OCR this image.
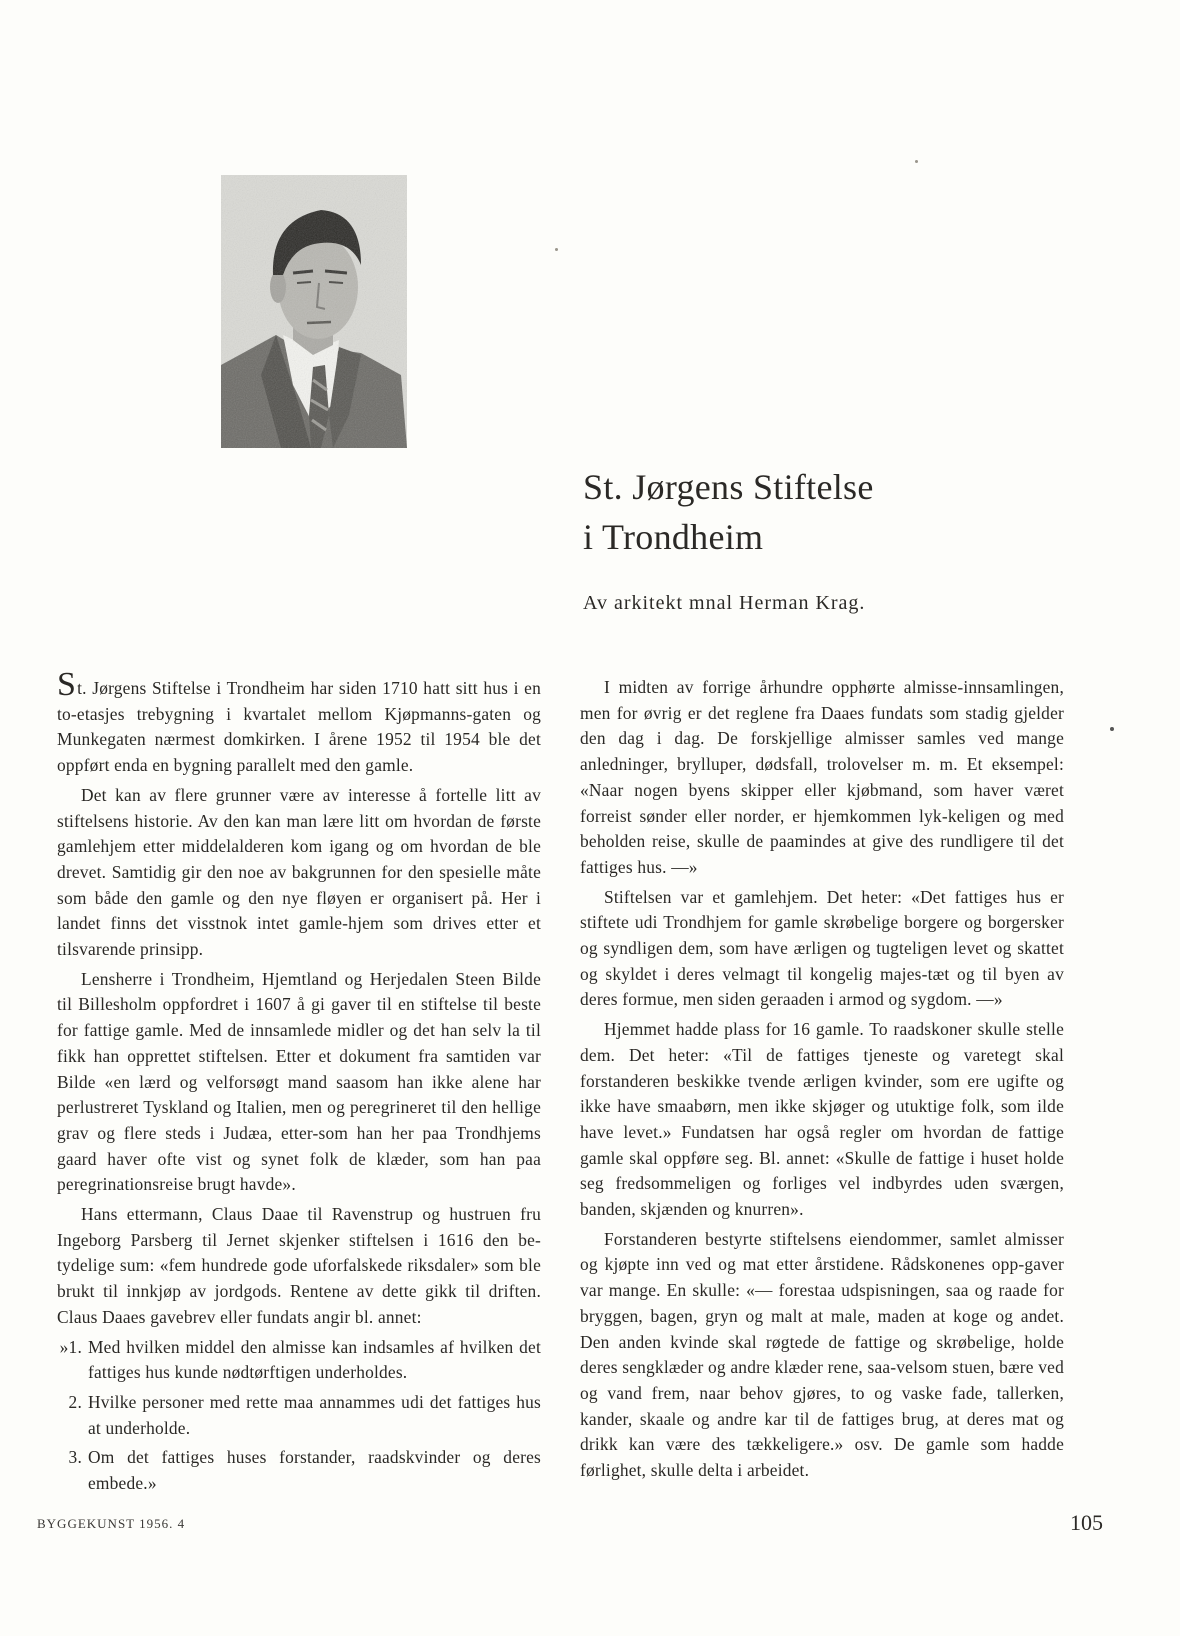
St. Jørgens Stiftelse
i Trondheim
Av arkitekt mnal Herman Krag.

St. Jørgens Stiftelse i Trondheim har siden 1710 hatt sitt hus i en to-etasjes trebygning i kvartalet mellom Kjøpmanns-gaten og Munkegaten nærmest domkirken. I årene 1952 til 1954 ble det oppført enda en bygning parallelt med den gamle.

Det kan av flere grunner være av interesse å fortelle litt av stiftelsens historie. Av den kan man lære litt om hvordan de første gamlehjem etter middelalderen kom igang og om hvordan de ble drevet. Samtidig gir den noe av bakgrunnen for den spesielle måte som både den gamle og den nye fløyen er organisert på. Her i landet finns det visstnok intet gamle-hjem som drives etter et tilsvarende prinsipp.

Lensherre i Trondheim, Hjemtland og Herjedalen Steen Bilde til Billesholm oppfordret i 1607 å gi gaver til en stiftelse til beste for fattige gamle. Med de innsamlede midler og det han selv la til fikk han opprettet stiftelsen. Etter et dokument fra samtiden var Bilde «en lærd og velforsøgt mand saasom han ikke alene har perlustreret Tyskland og Italien, men og peregrineret til den hellige grav og flere steds i Judæa, etter-som han her paa Trondhjems gaard haver ofte vist og synet folk de klæder, som han paa peregrinationsreise brugt havde».

Hans ettermann, Claus Daae til Ravenstrup og hustruen fru Ingeborg Parsberg til Jernet skjenker stiftelsen i 1616 den be-tydelige sum: «fem hundrede gode uforfalskede riksdaler» som ble brukt til innkjøp av jordgods. Rentene av dette gikk til driften. Claus Daaes gavebrev eller fundats angir bl. annet:

»1. Med hvilken middel den almisse kan indsamles af hvilken det fattiges hus kunde nødtørftigen underholdes.
2. Hvilke personer med rette maa annammes udi det fattiges hus at underholde.
3. Om det fattiges huses forstander, raadskvinder og deres embede.»

I midten av forrige århundre opphørte almisse-innsamlingen, men for øvrig er det reglene fra Daaes fundats som stadig gjelder den dag i dag. De forskjellige almisser samles ved mange anledninger, brylluper, dødsfall, trolovelser m. m. Et eksempel: «Naar nogen byens skipper eller kjøbmand, som haver været forreist sønder eller norder, er hjemkommen lyk-keligen og med beholden reise, skulle de paamindes at give des rundligere til det fattiges hus. —»

Stiftelsen var et gamlehjem. Det heter: «Det fattiges hus er stiftete udi Trondhjem for gamle skrøbelige borgere og borgersker og syndligen dem, som have ærligen og tugteligen levet og skattet og skyldet i deres velmagt til kongelig majes-tæt og til byen av deres formue, men siden geraaden i armod og sygdom. —»

Hjemmet hadde plass for 16 gamle. To raadskoner skulle stelle dem. Det heter: «Til de fattiges tjeneste og varetegt skal forstanderen beskikke tvende ærligen kvinder, som ere ugifte og ikke have smaabørn, men ikke skjøger og utuktige folk, som ilde have levet.» Fundatsen har også regler om hvordan de fattige gamle skal oppføre seg. Bl. annet: «Skulle de fattige i huset holde seg fredsommeligen og forliges vel indbyrdes uden sværgen, banden, skjænden og knurren».

Forstanderen bestyrte stiftelsens eiendommer, samlet almisser og kjøpte inn ved og mat etter årstidene. Rådskonenes opp-gaver var mange. En skulle: «— forestaa udspisningen, saa og raade for bryggen, bagen, gryn og malt at male, maden at koge og andet. Den anden kvinde skal røgtede de fattige og skrøbelige, holde deres sengklæder og andre klæder rene, saa-velsom stuen, bære ved og vand frem, naar behov gjøres, to og vaske fade, tallerken, kander, skaale og andre kar til de fattiges brug, at deres mat og drikk kan være des tækkeligere.» osv. De gamle som hadde førlighet, skulle delta i arbeidet.

BYGGEKUNST 1956. 4	105
